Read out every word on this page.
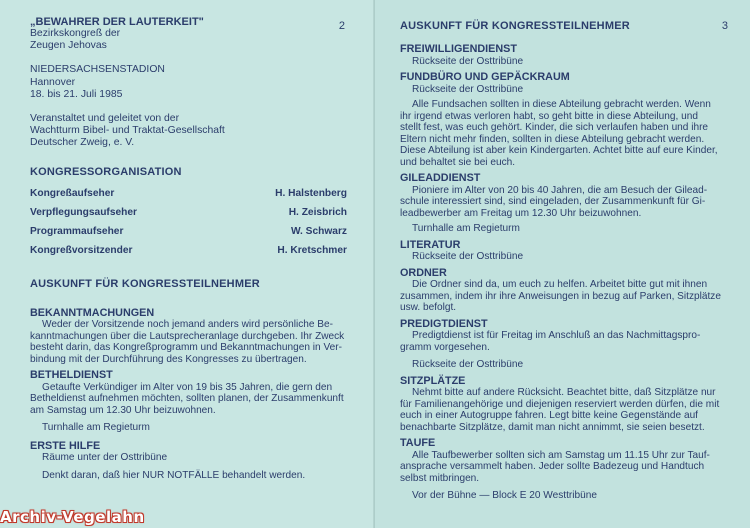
2

„BEWAHRER DER LAUTERKEIT"

Bezirkskongreß der

Zeugen Jehovas

NIEDERSACHSENSTADION

Hannover

18. bis 21. Juli 1985

Veranstaltet und geleitet von der

Wachtturm Bibel- und Traktat-Gesellschaft

Deutscher Zweig, e. V.

KONGRESSORGANISATION

Kongreßaufseher	H. Halstenberg
Verpflegungsaufseher	H. Zeisbrich
Programmaufseher	W. Schwarz
Kongreßvorsitzender	H. Kretschmer

AUSKUNFT FÜR KONGRESSTEILNEHMER

BEKANNTMACHUNGEN

Weder der Vorsitzende noch jemand anders wird persönliche Be-

kanntmachungen über die Lautsprecheranlage durchgeben. Ihr Zweck

besteht darin, das Kongreßprogramm und Bekanntmachungen in Ver-

bindung mit der Durchführung des Kongresses zu übertragen.

BETHELDIENST

Getaufte Verkündiger im Alter von 19 bis 35 Jahren, die gern den

Betheldienst aufnehmen möchten, sollten planen, der Zusammenkunft

am Samstag um 12.30 Uhr beizuwohnen.

Turnhalle am Regieturm

ERSTE HILFE

Räume unter der Osttribüne

Denkt daran, daß hier NUR NOTFÄLLE behandelt werden.

3

AUSKUNFT FÜR KONGRESSTEILNEHMER

FREIWILLIGENDIENST

Rückseite der Osttribüne

FUNDBÜRO UND GEPÄCKRAUM

Rückseite der Osttribüne

Alle Fundsachen sollten in diese Abteilung gebracht werden. Wenn

ihr irgend etwas verloren habt, so geht bitte in diese Abteilung, und

stellt fest, was euch gehört. Kinder, die sich verlaufen haben und ihre

Eltern nicht mehr finden, sollten in diese Abteilung gebracht werden.

Diese Abteilung ist aber kein Kindergarten. Achtet bitte auf eure Kinder,

und behaltet sie bei euch.

GILEADDIENST

Pioniere im Alter von 20 bis 40 Jahren, die am Besuch der Gilead-

schule interessiert sind, sind eingeladen, der Zusammenkunft für Gi-

leadbewerber am Freitag um 12.30 Uhr beizuwohnen.

Turnhalle am Regieturm

LITERATUR

Rückseite der Osttribüne

ORDNER

Die Ordner sind da, um euch zu helfen. Arbeitet bitte gut mit ihnen

zusammen, indem ihr ihre Anweisungen in bezug auf Parken, Sitzplätze

usw. befolgt.

PREDIGTDIENST

Predigtdienst ist für Freitag im Anschluß an das Nachmittagspro-

gramm vorgesehen.

Rückseite der Osttribüne

SITZPLÄTZE

Nehmt bitte auf andere Rücksicht. Beachtet bitte, daß Sitzplätze nur

für Familienangehörige und diejenigen reserviert werden dürfen, die mit

euch in einer Autogruppe fahren. Legt bitte keine Gegenstände auf

benachbarte Sitzplätze, damit man nicht annimmt, sie seien besetzt.

TAUFE

Alle Taufbewerber sollten sich am Samstag um 11.15 Uhr zur Tauf-

ansprache versammelt haben. Jeder sollte Badezeug und Handtuch

selbst mitbringen.

Vor der Bühne — Block E 20 Westtribüne

Archiv-Vegelahn
